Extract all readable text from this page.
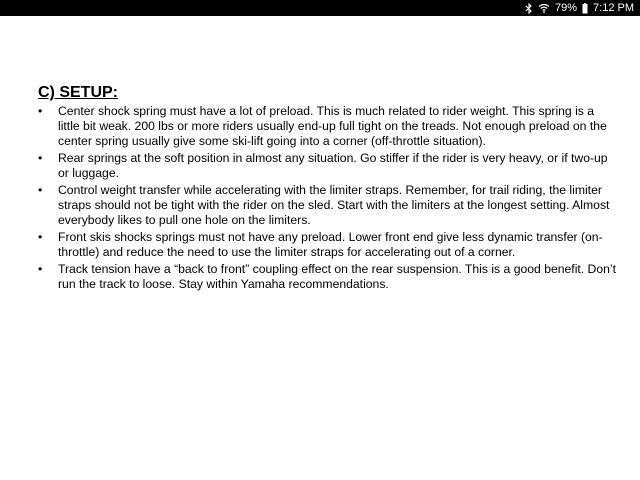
79% 7:12 PM
C) SETUP:
•	Center shock spring must have a lot of preload. This is much related to rider weight. This spring is a little bit weak. 200 lbs or more riders usually end-up full tight on the treads. Not enough preload on the center spring usually give some ski-lift going into a corner (off-throttle situation).
•	Rear springs at the soft position in almost any situation. Go stiffer if the rider is very heavy, or if two-up or luggage.
•	Control weight transfer while accelerating with the limiter straps. Remember, for trail riding, the limiter straps should not be tight with the rider on the sled. Start with the limiters at the longest setting. Almost everybody likes to pull one hole on the limiters.
•	Front skis shocks springs must not have any preload. Lower front end give less dynamic transfer (on- throttle) and reduce the need to use the limiter straps for accelerating out of a corner.
•	Track tension have a “back to front” coupling effect on the rear suspension. This is a good benefit. Don’t run the track to loose. Stay within Yamaha recommendations.
